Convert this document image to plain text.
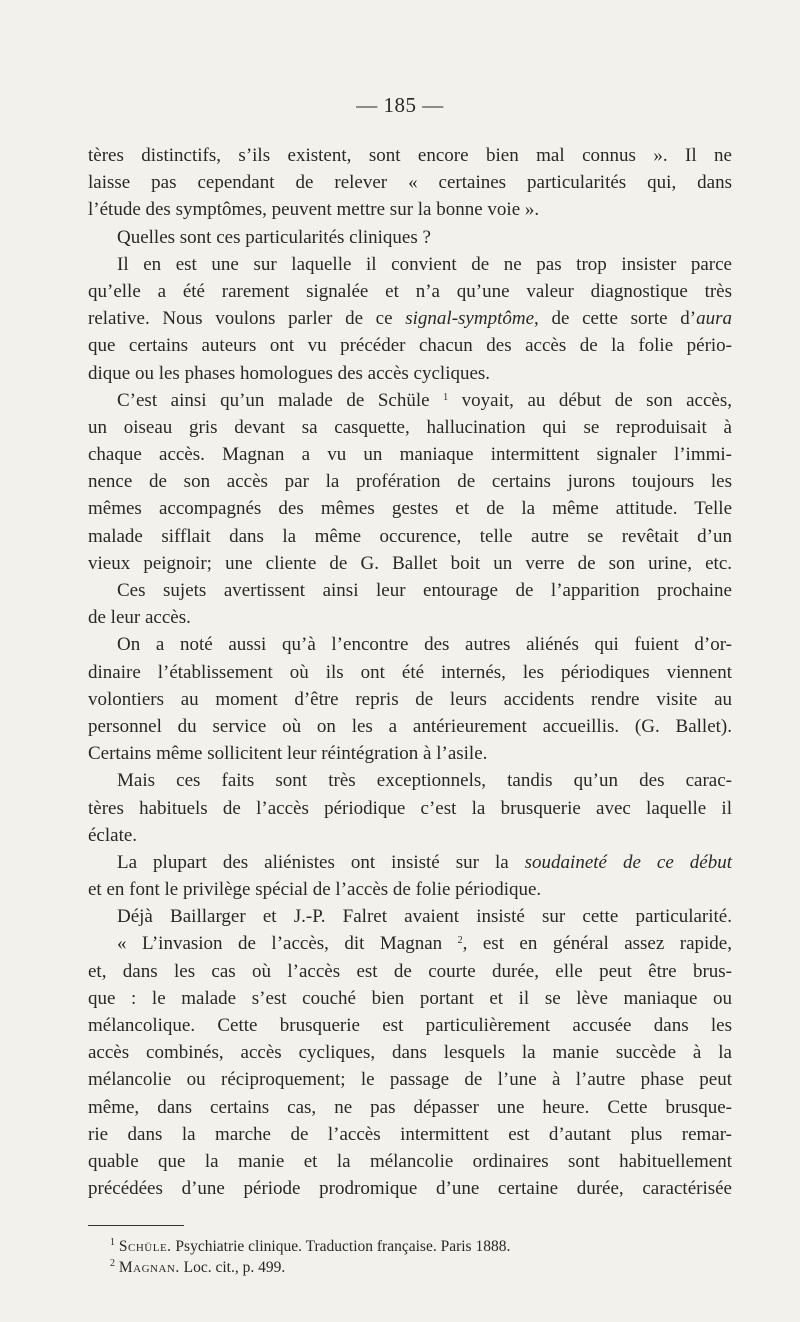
— 185 —
tères distinctifs, s’ils existent, sont encore bien mal connus ». Il ne
laisse pas cependant de relever « certaines particularités qui, dans
l’étude des symptômes, peuvent mettre sur la bonne voie ».
Quelles sont ces particularités cliniques ?
Il en est une sur laquelle il convient de ne pas trop insister parce
qu’elle a été rarement signalée et n’a qu’une valeur diagnostique très
relative. Nous voulons parler de ce signal-symptôme, de cette sorte d’aura
que certains auteurs ont vu précéder chacun des accès de la folie pério-
dique ou les phases homologues des accès cycliques.
C’est ainsi qu’un malade de Schüle $^1$ voyait, au début de son accès,
un oiseau gris devant sa casquette, hallucination qui se reproduisait à
chaque accès. Magnan a vu un maniaque intermittent signaler l’immi-
nence de son accès par la profération de certains jurons toujours les
mêmes accompagnés des mêmes gestes et de la même attitude. Telle
malade sifflait dans la même occurence, telle autre se revêtait d’un
vieux peignoir; une cliente de G. Ballet boit un verre de son urine, etc.
Ces sujets avertissent ainsi leur entourage de l’apparition prochaine
de leur accès.
On a noté aussi qu’à l’encontre des autres aliénés qui fuient d’or-
dinaire l’établissement où ils ont été internés, les périodiques viennent
volontiers au moment d’être repris de leurs accidents rendre visite au
personnel du service où on les a antérieurement accueillis. (G. Ballet).
Certains même sollicitent leur réintégration à l’asile.
Mais ces faits sont très exceptionnels, tandis qu’un des carac-
tères habituels de l’accès périodique c’est la brusquerie avec laquelle il
éclate.
La plupart des aliénistes ont insisté sur la soudaineté de ce début
et en font le privilège spécial de l’accès de folie périodique.
Déjà Baillarger et J.-P. Falret avaient insisté sur cette particularité.
« L’invasion de l’accès, dit Magnan $^2$, est en général assez rapide,
et, dans les cas où l’accès est de courte durée, elle peut être brus-
que : le malade s’est couché bien portant et il se lève maniaque ou
mélancolique. Cette brusquerie est particulièrement accusée dans les
accès combinés, accès cycliques, dans lesquels la manie succède à la
mélancolie ou réciproquement; le passage de l’une à l’autre phase peut
même, dans certains cas, ne pas dépasser une heure. Cette brusque-
rie dans la marche de l’accès intermittent est d’autant plus remar-
quable que la manie et la mélancolie ordinaires sont habituellement
précédées d’une période prodromique d’une certaine durée, caractérisée
$^1$ Schüle. Psychiatrie clinique. Traduction française. Paris 1888.
$^2$ Magnan. Loc. cit., p. 499.
